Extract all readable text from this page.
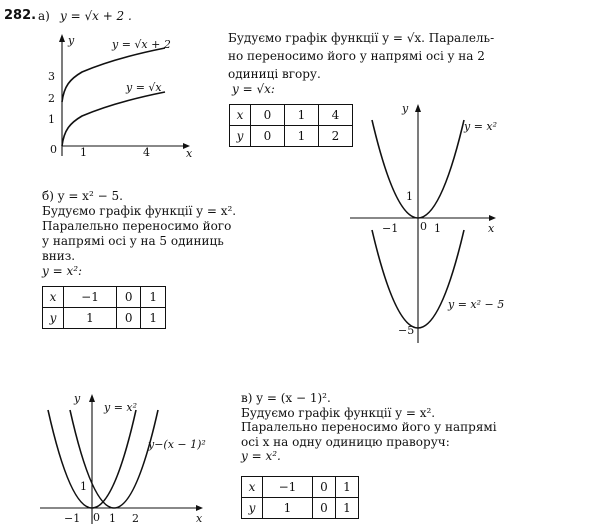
282. а) y = √x + 2 .
Будуємо графік функції y = √x. Паралель-
но переносимо його у напрямі осі y на 2
одиниці вгору.
y = √x:
x	0	1	4
y	0	1	2
x
y
0 1	4
1
2
3
y = √x + 2
y = √x
б) y = x² − 5.
Будуємо графік функції y = x².
Паралельно переносимо його
у напрямі осі y на 5 одиниць
вниз.
y = x²:
x	−1	0	1
y	1	0	1
x
y
0
−1	1
1
−5
y = x²
y = x² − 5
в) y = (x − 1)².
Будуємо графік функції y = x².
Паралельно переносимо його у напрямі
осі x на одну одиницю праворуч:
y = x².
x	−1	0	1
y	1	0	1
x
y
0
−1	1 2
1
y = x²
y−(x − 1)²
